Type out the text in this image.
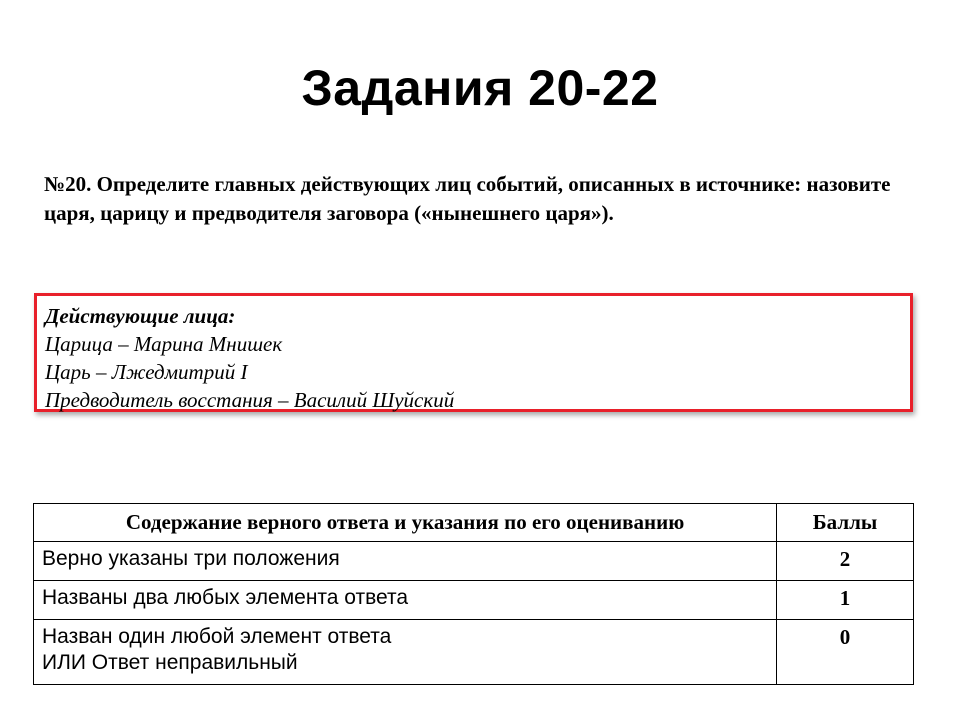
Задания 20-22
№20. Определите главных действующих лиц событий, описанных в источнике: назовите царя, царицу и предводителя заговора («нынешнего царя»).
Действующие лица:
Царица – Марина Мнишек
Царь – Лжедмитрий I
Предводитель восстания – Василий Шуйский
Содержание верного ответа и указания по его оцениванию	Баллы

Верно указаны три положения	2

Названы два любых элемента ответа	1

Назван один любой элемент ответа
ИЛИ Ответ неправильный	0
